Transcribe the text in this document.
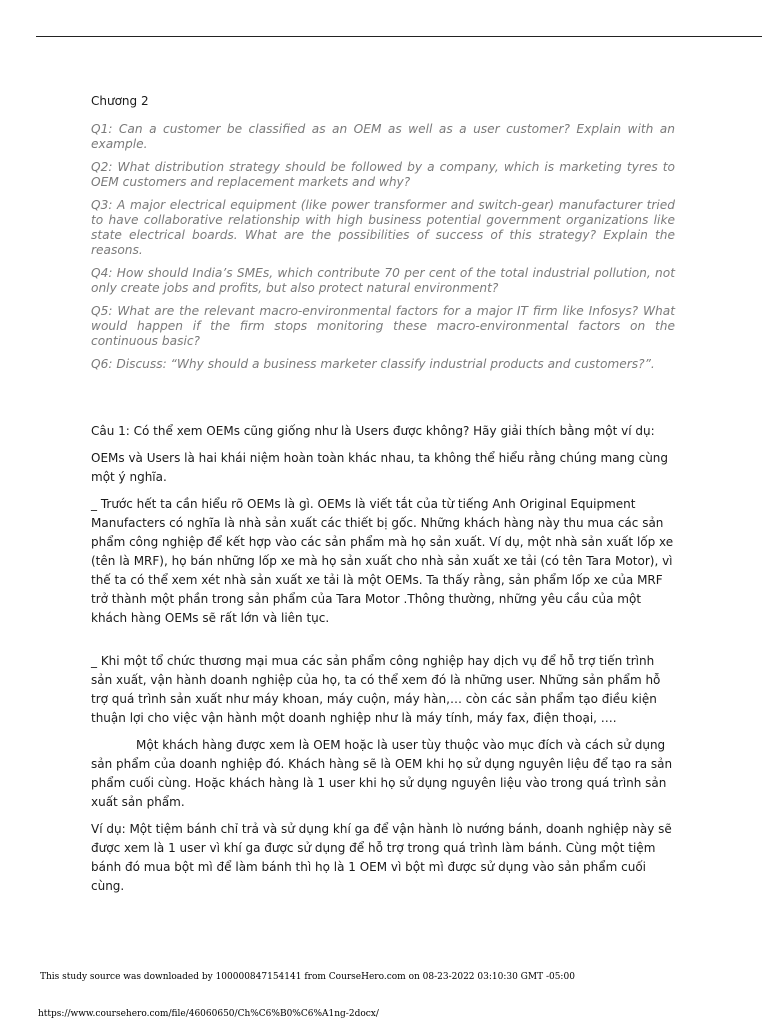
Chương 2

Q1: Can a customer be classified as an OEM as well as a user customer? Explain with an example.

Q2: What distribution strategy should be followed by a company, which is marketing tyres to OEM customers and replacement markets and why?

Q3: A major electrical equipment (like power transformer and switch-gear) manufacturer tried to have collaborative relationship with high business potential government organizations like state electrical boards. What are the possibilities of success of this strategy? Explain the reasons.

Q4: How should India’s SMEs, which contribute 70 per cent of the total industrial pollution, not only create jobs and profits, but also protect natural environment?

Q5: What are the relevant macro-environmental factors for a major IT firm like Infosys? What would happen if the firm stops monitoring these macro-environmental factors on the continuous basic?

Q6: Discuss: “Why should a business marketer classify industrial products and customers?”.

Câu 1: Có thể xem OEMs cũng giống như là Users được không? Hãy giải thích bằng một ví dụ:

OEMs và Users là hai khái niệm hoàn toàn khác nhau, ta không thể hiểu rằng chúng mang cùng một ý nghĩa.

_ Trước hết ta cần hiểu rõ OEMs là gì. OEMs là viết tắt của từ tiếng Anh Original Equipment Manufacters có nghĩa là nhà sản xuất các thiết bị gốc. Những khách hàng này thu mua các sản phẩm công nghiệp để kết hợp vào các sản phẩm mà họ sản xuất. Ví dụ, một nhà sản xuất lốp xe (tên là MRF), họ bán những lốp xe mà họ sản xuất cho nhà sản xuất xe tải (có tên Tara Motor), vì thế ta có thể xem xét nhà sản xuất xe tải là một OEMs. Ta thấy rằng, sản phẩm lốp xe của MRF trở thành một phần trong sản phẩm của Tara Motor .Thông thường, những yêu cầu của một khách hàng OEMs sẽ rất lớn và liên tục.

_ Khi một tổ chức thương mại mua các sản phẩm công nghiệp hay dịch vụ để hỗ trợ tiến trình sản xuất, vận hành doanh nghiệp của họ, ta có thể xem đó là những user. Những sản phẩm hỗ trợ quá trình sản xuất như máy khoan, máy cuộn, máy hàn,… còn các sản phẩm tạo điều kiện thuận lợi cho việc vận hành một doanh nghiệp như là máy tính, máy fax, điện thoại, ….

Một khách hàng được xem là OEM hoặc là user tùy thuộc vào mục đích và cách sử dụng sản phẩm của doanh nghiệp đó. Khách hàng sẽ là OEM khi họ sử dụng nguyên liệu để tạo ra sản phẩm cuối cùng. Hoặc khách hàng là 1 user khi họ sử dụng nguyên liệu vào trong quá trình sản xuất sản phẩm.

Ví dụ: Một tiệm bánh chỉ trả và sử dụng khí ga để vận hành lò nướng bánh, doanh nghiệp này sẽ được xem là 1 user vì khí ga được sử dụng để hỗ trợ trong quá trình làm bánh. Cùng một tiệm bánh đó mua bột mì để làm bánh thì họ là 1 OEM vì bột mì được sử dụng vào sản phẩm cuối cùng.

This study source was downloaded by 100000847154141 from CourseHero.com on 08-23-2022 03:10:30 GMT -05:00
https://www.coursehero.com/file/46060650/Ch%C6%B0%C6%A1ng-2docx/
